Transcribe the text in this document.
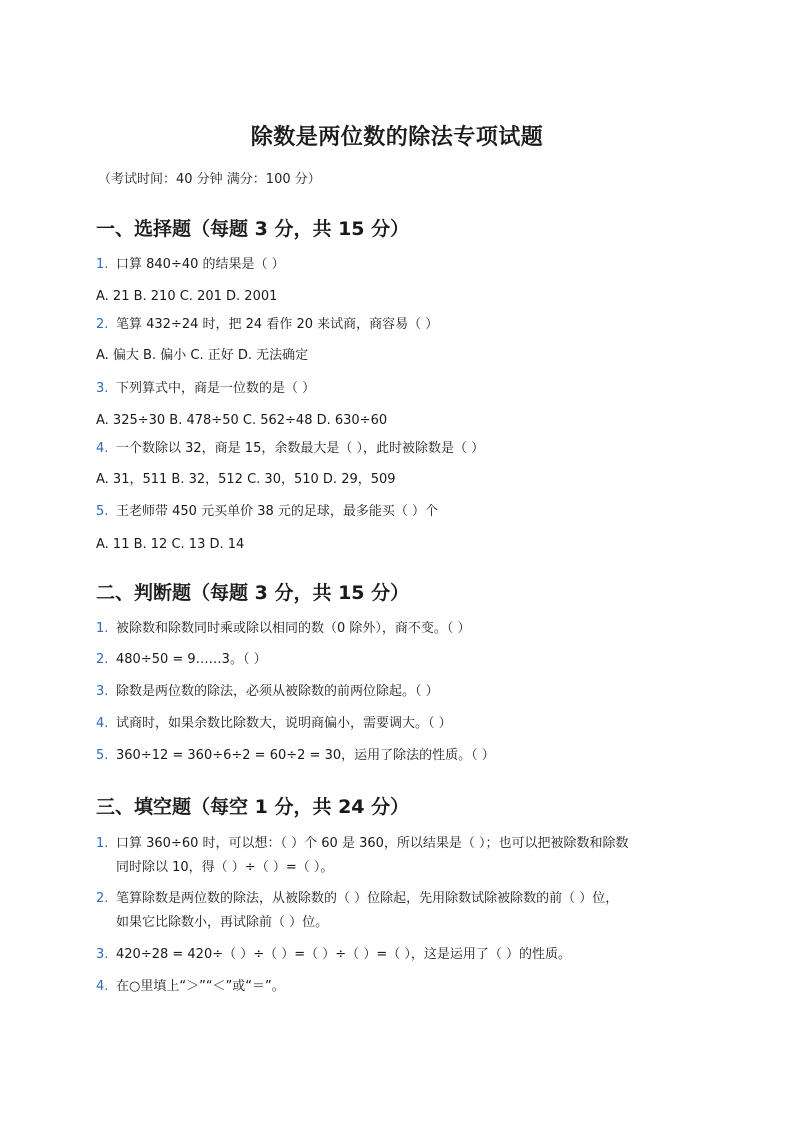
除数是两位数的除法专项试题
（考试时间：40 分钟 满分：100 分）
一、选择题（每题 3 分，共 15 分）
1. 口算 840÷40 的结果是（ ）
A. 21 B. 210 C. 201 D. 2001
2. 笔算 432÷24 时，把 24 看作 20 来试商，商容易（ ）
A. 偏大 B. 偏小 C. 正好 D. 无法确定
3. 下列算式中，商是一位数的是（ ）
A. 325÷30 B. 478÷50 C. 562÷48 D. 630÷60
4. 一个数除以 32，商是 15，余数最大是（ ），此时被除数是（ ）
A. 31，511 B. 32，512 C. 30，510 D. 29，509
5. 王老师带 450 元买单价 38 元的足球，最多能买（ ）个
A. 11 B. 12 C. 13 D. 14
二、判断题（每题 3 分，共 15 分）
1. 被除数和除数同时乘或除以相同的数（0 除外），商不变。（ ）
2. 480÷50 = 9……3。（ ）
3. 除数是两位数的除法，必须从被除数的前两位除起。（ ）
4. 试商时，如果余数比除数大，说明商偏小，需要调大。（ ）
5. 360÷12 = 360÷6÷2 = 60÷2 = 30，运用了除法的性质。（ ）
三、填空题（每空 1 分，共 24 分）
1. 口算 360÷60 时，可以想：（ ）个 60 是 360，所以结果是（ ）；也可以把被除数和除数
同时除以 10，得（ ）÷（ ）=（ ）。
2. 笔算除数是两位数的除法，从被除数的（ ）位除起，先用除数试除被除数的前（ ）位，
如果它比除数小，再试除前（ ）位。
3. 420÷28 = 420÷（ ）÷（ ）=（ ）÷（ ）=（ ），这是运用了（ ）的性质。
4. 在○里填上“＞”“＜”或“＝”。
